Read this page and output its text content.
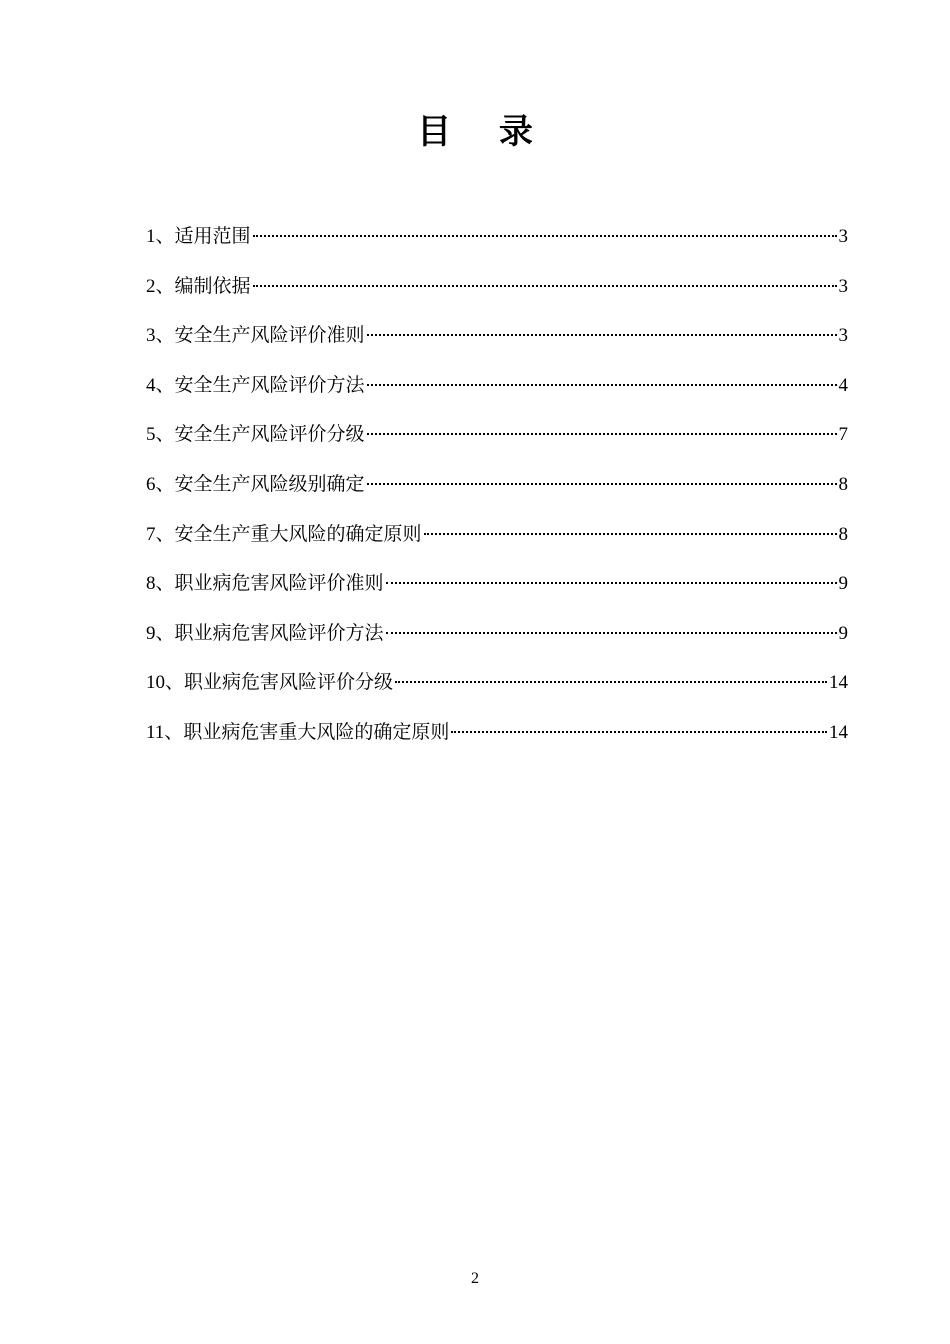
目 录
1 、 适用范围	3
2 、 编制依据	3
3 、 安全生产风险评价准则	3
4 、 安全生产风险评价方法	4
5 、 安全生产风险评价分级	7
6 、 安全生产风险级别确定	8
7 、 安全生产重大风险的确定原则	8
8 、 职业病危害风险评价准则	9
9 、 职业病危害风险评价方法	9
10 、 职业病危害风险评价分级	14
11 、 职业病危害重大风险的确定原则	14
2
